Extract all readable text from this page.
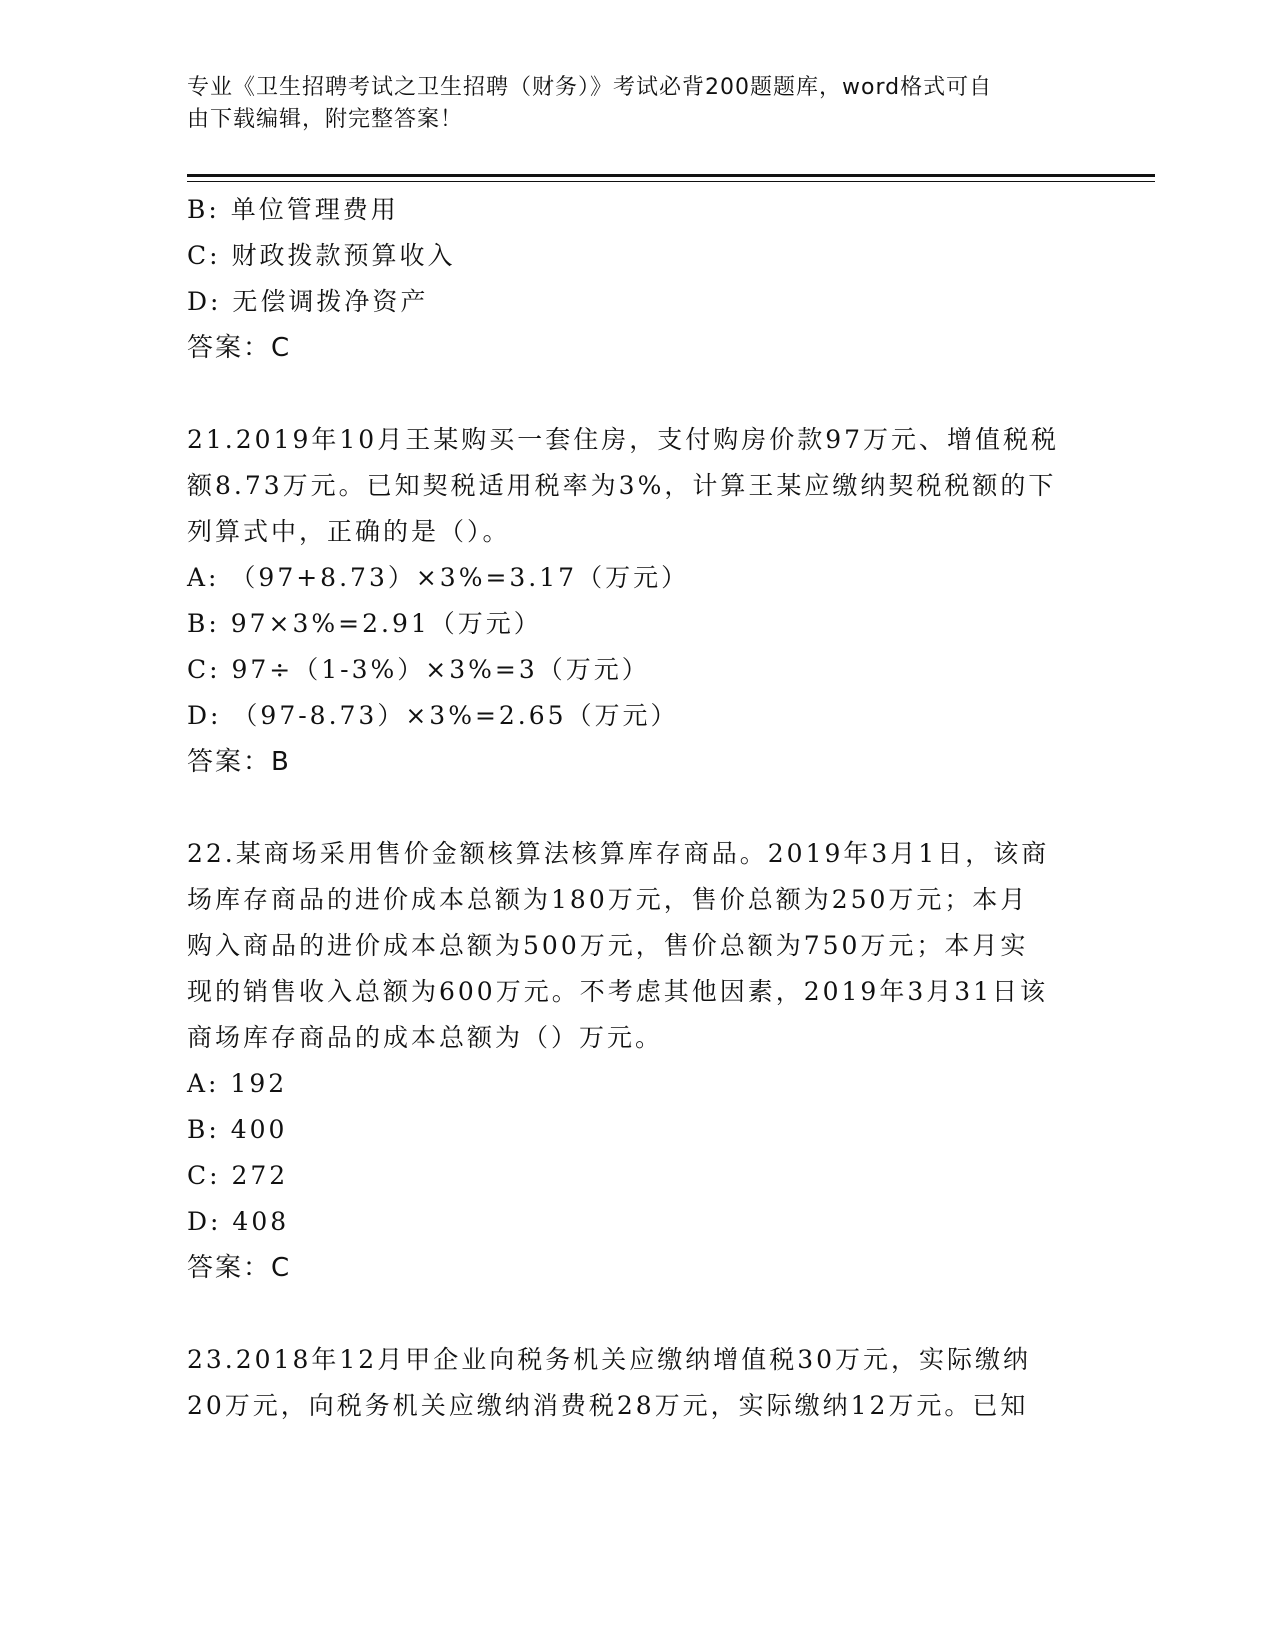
专业《卫生招聘考试之卫生招聘（财务）》考试必背200题题库，word格式可自
由下载编辑，附完整答案！
B: 单位管理费用
C: 财政拨款预算收入
D: 无偿调拨净资产
答案：C
21.2019年10月王某购买一套住房，支付购房价款97万元、增值税税
额8.73万元。已知契税适用税率为3%，计算王某应缴纳契税税额的下
列算式中，正确的是（）。
A: （97+8.73）×3%=3.17（万元）
B: 97×3%=2.91（万元）
C: 97÷（1-3%）×3%=3（万元）
D: （97-8.73）×3%=2.65（万元）
答案：B
22.某商场采用售价金额核算法核算库存商品。2019年3月1日，该商
场库存商品的进价成本总额为180万元，售价总额为250万元；本月
购入商品的进价成本总额为500万元，售价总额为750万元；本月实
现的销售收入总额为600万元。不考虑其他因素，2019年3月31日该
商场库存商品的成本总额为（）万元。
A: 192
B: 400
C: 272
D: 408
答案：C
23.2018年12月甲企业向税务机关应缴纳增值税30万元，实际缴纳
20万元，向税务机关应缴纳消费税28万元，实际缴纳12万元。已知
